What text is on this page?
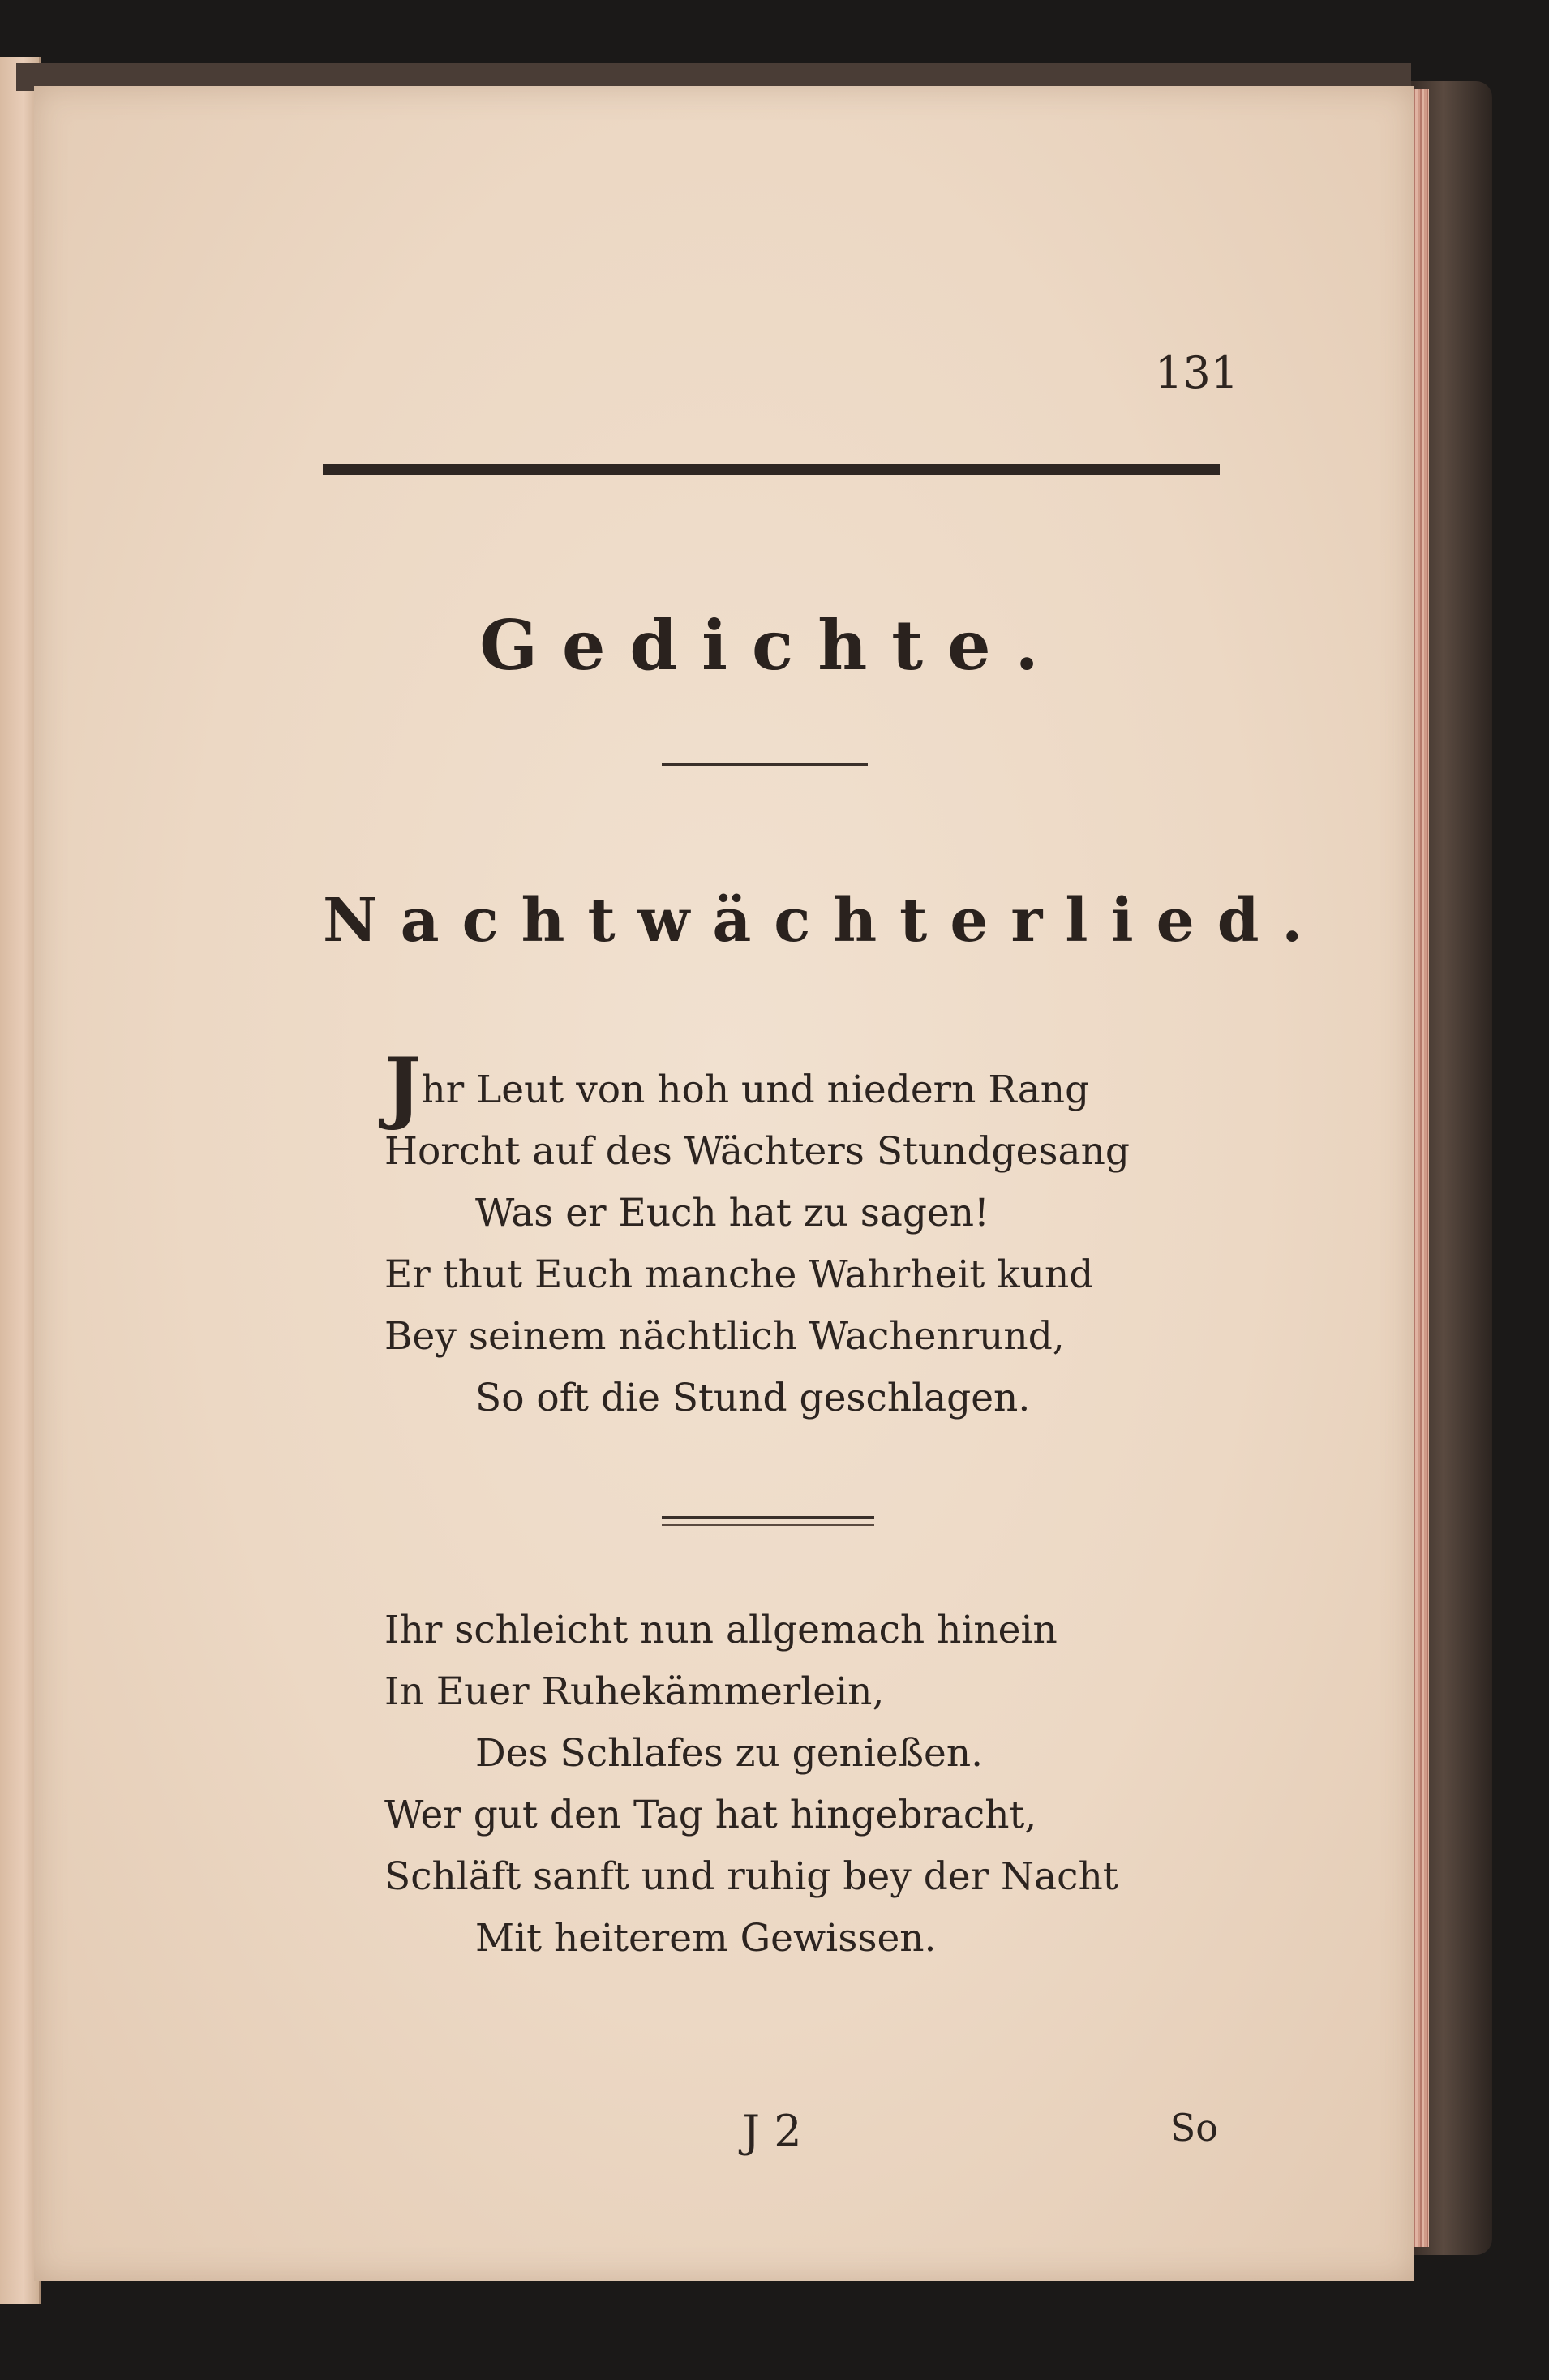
131
Gedichte.
Nachtwächterlied.
Jhr Leut von hoh und niedern Rang
Horcht auf des Wächters Stundgesang
Was er Euch hat zu sagen!
Er thut Euch manche Wahrheit kund
Bey seinem nächtlich Wachenrund,
So oft die Stund geschlagen.
Ihr schleicht nun allgemach hinein
In Euer Ruhekämmerlein,
Des Schlafes zu genießen.
Wer gut den Tag hat hingebracht,
Schläft sanft und ruhig bey der Nacht
Mit heiterem Gewissen.
J 2	So
